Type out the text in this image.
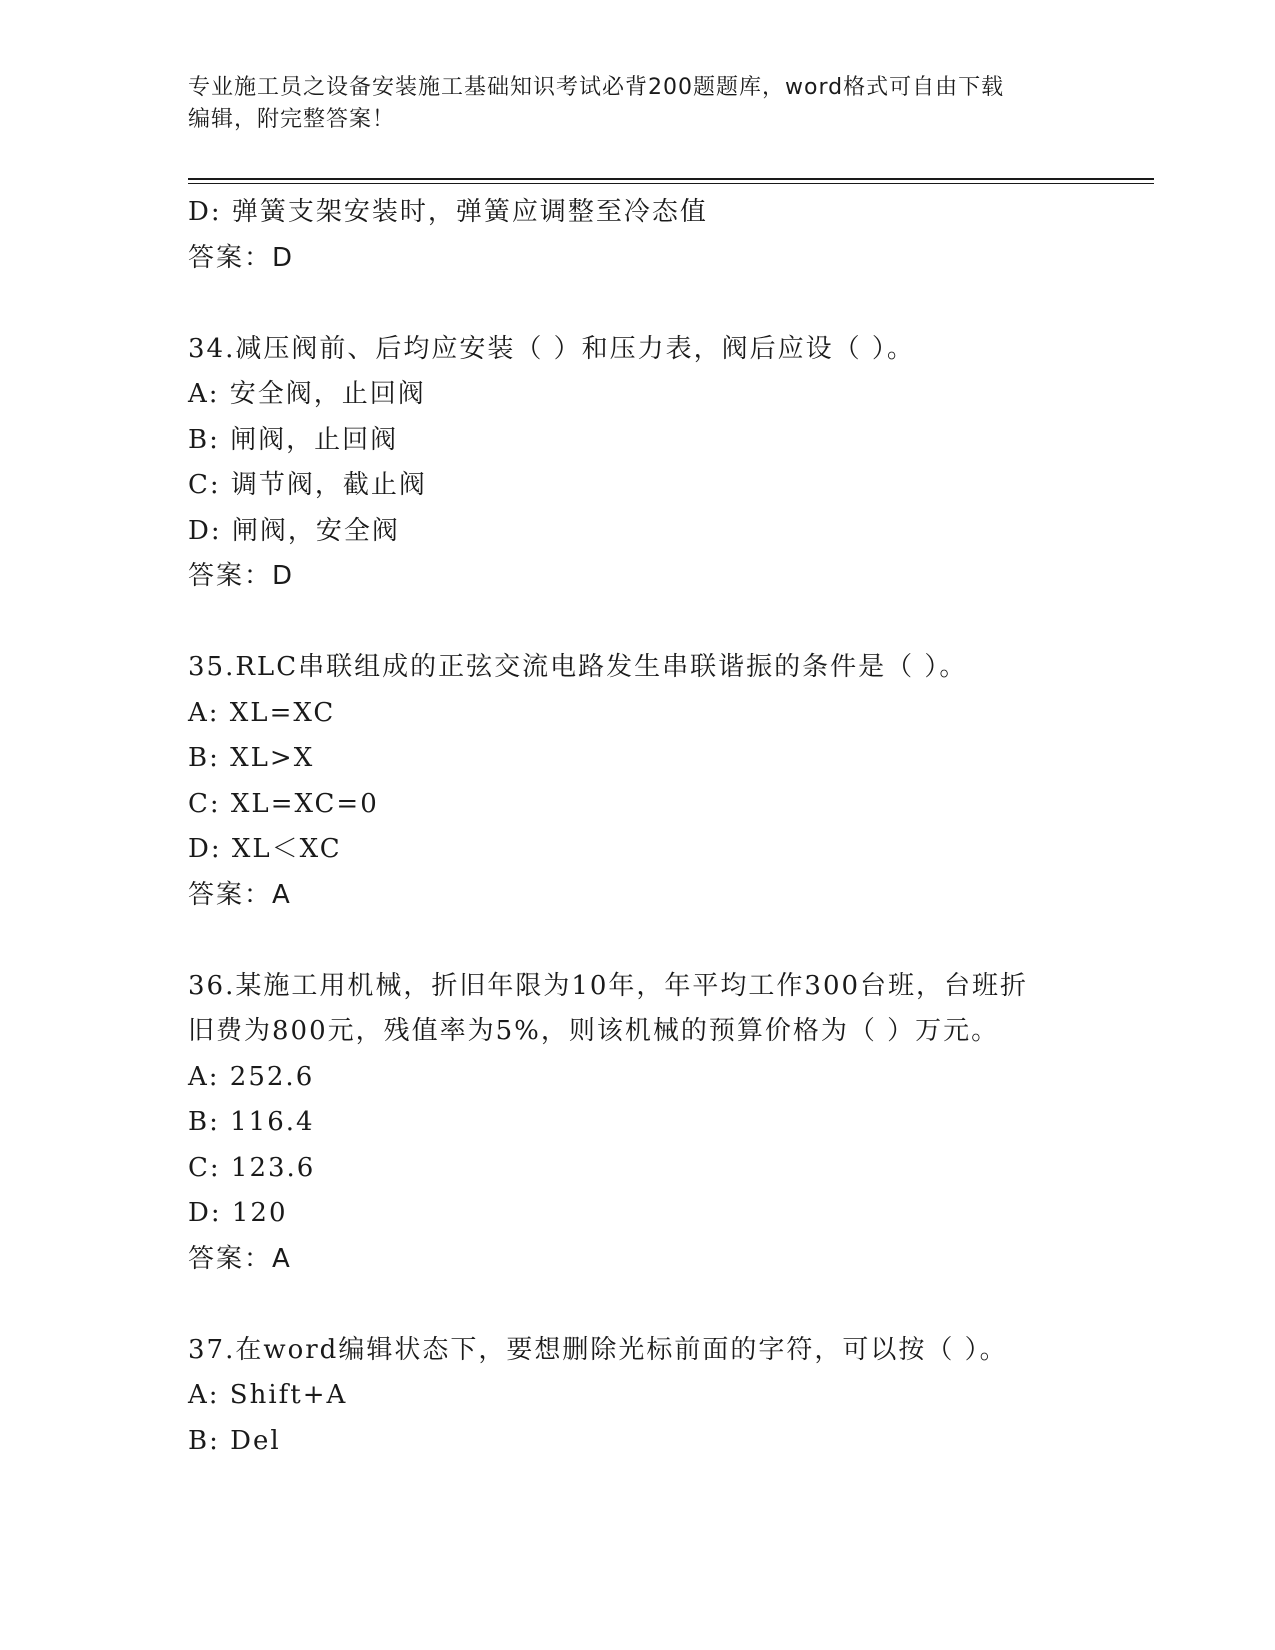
专业施工员之设备安装施工基础知识考试必背200题题库，word格式可自由下载
编辑，附完整答案！
D: 弹簧支架安装时，弹簧应调整至冷态值
答案：D
34.减压阀前、后均应安装（ ）和压力表，阀后应设（ ）。
A: 安全阀，止回阀
B: 闸阀，止回阀
C: 调节阀，截止阀
D: 闸阀，安全阀
答案：D
35.RLC串联组成的正弦交流电路发生串联谐振的条件是（ ）。
A: XL=XC
B: XL>X
C: XL=XC=0
D: XL＜XC
答案：A
36.某施工用机械，折旧年限为10年，年平均工作300台班，台班折
旧费为800元，残值率为5%，则该机械的预算价格为（ ）万元。
A: 252.6
B: 116.4
C: 123.6
D: 120
答案：A
37.在word编辑状态下，要想删除光标前面的字符，可以按（ ）。
A: Shift+A
B: Del
